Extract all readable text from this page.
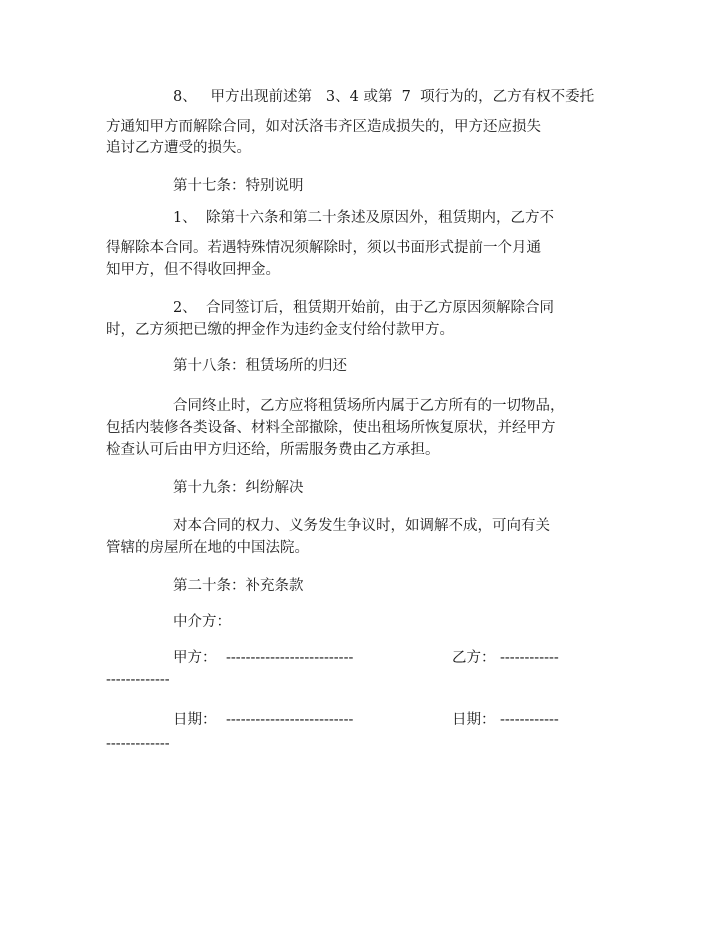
8、   甲方出现前述第   3、4 或第  7  项行为的，乙方有权不委托
方通知甲方而解除合同，如对沃洛韦齐区造成损失的，甲方还应损失
追讨乙方遭受的损失。
第十七条：特别说明
1、  除第十六条和第二十条述及原因外，租赁期内，乙方不
得解除本合同。若遇特殊情况须解除时，须以书面形式提前一个月通
知甲方，但不得收回押金。
2、  合同签订后，租赁期开始前，由于乙方原因须解除合同
时，乙方须把已缴的押金作为违约金支付给付款甲方。
第十八条：租赁场所的归还
合同终止时，乙方应将租赁场所内属于乙方所有的一切物品，
包括内装修各类设备、材料全部撤除，使出租场所恢复原状，并经甲方
检查认可后由甲方归还给，所需服务费由乙方承担。
第十九条：纠纷解决
对本合同的权力、义务发生争议时，如调解不成，可向有关
管辖的房屋所在地的中国法院。
第二十条：补充条款
中介方：
甲方： --------------------------	乙方： ------------
-------------
日期： --------------------------	日期： ------------
-------------
